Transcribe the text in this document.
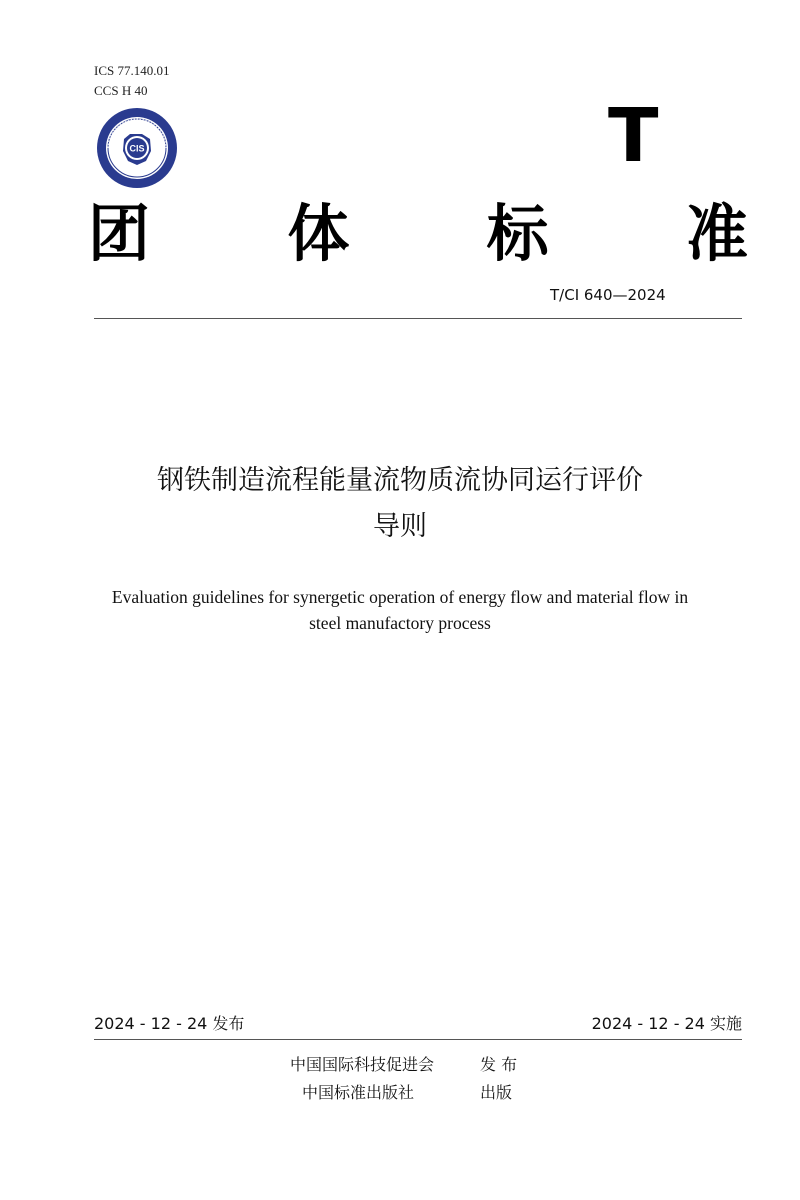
ICS 77.140.01
CCS H 40
CIS	T
团 体 标 准
T/CI 640—2024
钢铁制造流程能量流物质流协同运行评价
导则
Evaluation guidelines for synergetic operation of energy flow and material flow in
steel manufactory process
2024 - 12 - 24 发布	2024 - 12 - 24 实施
中国国际科技促进会	发 布
中国标准出版社	出版
